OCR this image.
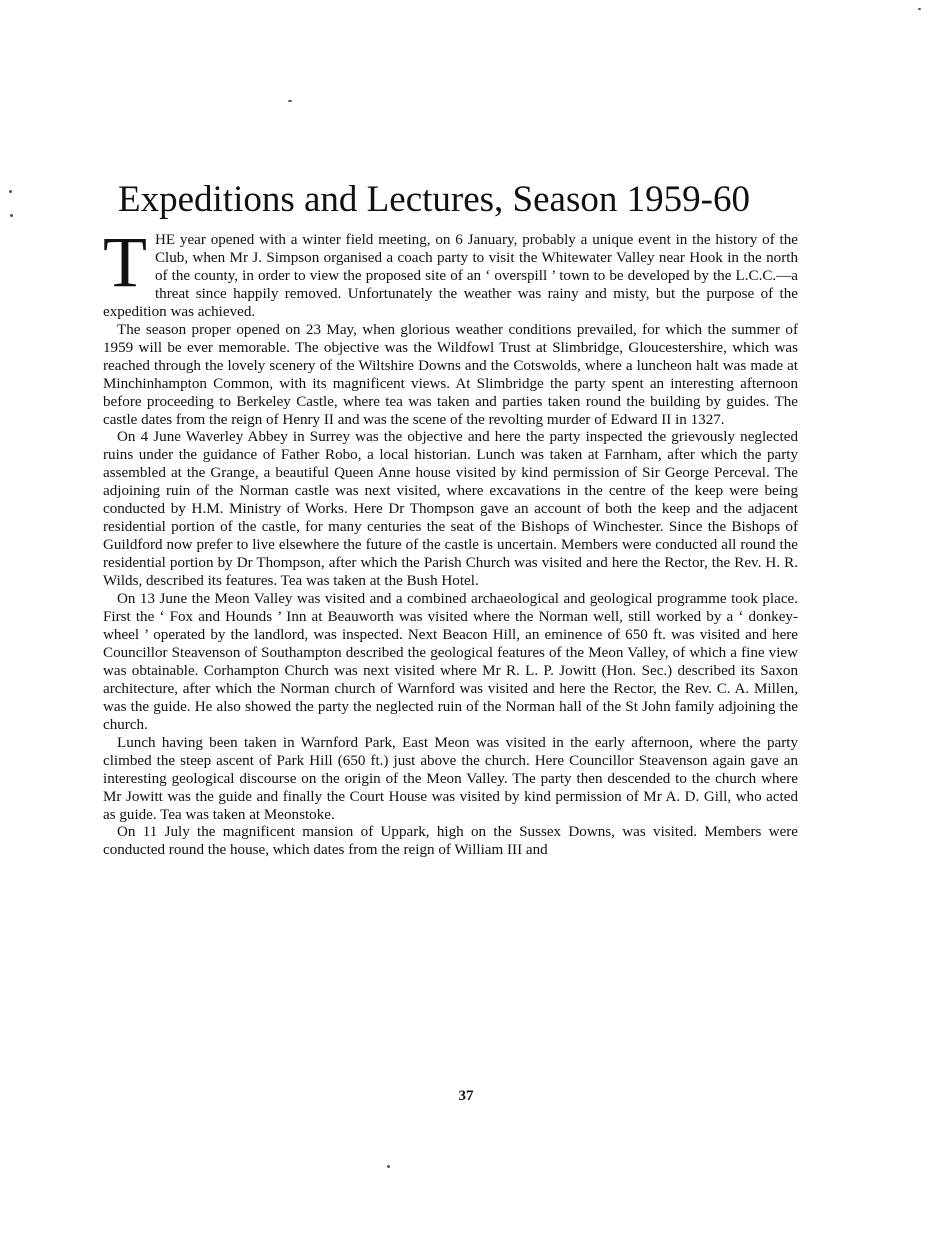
Expeditions and Lectures, Season 1959-60

THE year opened with a winter field meeting, on 6 January, probably a unique event in the history of the Club, when Mr J. Simpson organised a coach party to visit the Whitewater Valley near Hook in the north of the county, in order to view the proposed site of an ‘ overspill ’ town to be developed by the L.C.C.—a threat since happily removed. Unfortunately the weather was rainy and misty, but the purpose of the expedition was achieved.

The season proper opened on 23 May, when glorious weather conditions prevailed, for which the summer of 1959 will be ever memorable. The objective was the Wildfowl Trust at Slimbridge, Gloucestershire, which was reached through the lovely scenery of the Wiltshire Downs and the Cotswolds, where a luncheon halt was made at Minchinhampton Common, with its magnificent views. At Slimbridge the party spent an interesting afternoon before proceeding to Berkeley Castle, where tea was taken and parties taken round the building by guides. The castle dates from the reign of Henry II and was the scene of the revolting murder of Edward II in 1327.

On 4 June Waverley Abbey in Surrey was the objective and here the party inspected the grievously neglected ruins under the guidance of Father Robo, a local historian. Lunch was taken at Farnham, after which the party assembled at the Grange, a beautiful Queen Anne house visited by kind permission of Sir George Perceval. The adjoining ruin of the Norman castle was next visited, where excavations in the centre of the keep were being conducted by H.M. Ministry of Works. Here Dr Thompson gave an account of both the keep and the adjacent residential portion of the castle, for many centuries the seat of the Bishops of Winchester. Since the Bishops of Guildford now prefer to live elsewhere the future of the castle is uncertain. Members were conducted all round the residential portion by Dr Thompson, after which the Parish Church was visited and here the Rector, the Rev. H. R. Wilds, described its features. Tea was taken at the Bush Hotel.

On 13 June the Meon Valley was visited and a combined archaeological and geological programme took place. First the ‘ Fox and Hounds ’ Inn at Beauworth was visited where the Norman well, still worked by a ‘ donkey-wheel ’ operated by the landlord, was inspected. Next Beacon Hill, an eminence of 650 ft. was visited and here Councillor Steavenson of Southampton described the geological features of the Meon Valley, of which a fine view was obtainable. Corhampton Church was next visited where Mr R. L. P. Jowitt (Hon. Sec.) described its Saxon architecture, after which the Norman church of Warnford was visited and here the Rector, the Rev. C. A. Millen, was the guide. He also showed the party the neglected ruin of the Norman hall of the St John family adjoining the church.

Lunch having been taken in Warnford Park, East Meon was visited in the early afternoon, where the party climbed the steep ascent of Park Hill (650 ft.) just above the church. Here Councillor Steavenson again gave an interesting geological discourse on the origin of the Meon Valley. The party then descended to the church where Mr Jowitt was the guide and finally the Court House was visited by kind permission of Mr A. D. Gill, who acted as guide. Tea was taken at Meonstoke.

On 11 July the magnificent mansion of Uppark, high on the Sussex Downs, was visited. Members were conducted round the house, which dates from the reign of William III and

37
